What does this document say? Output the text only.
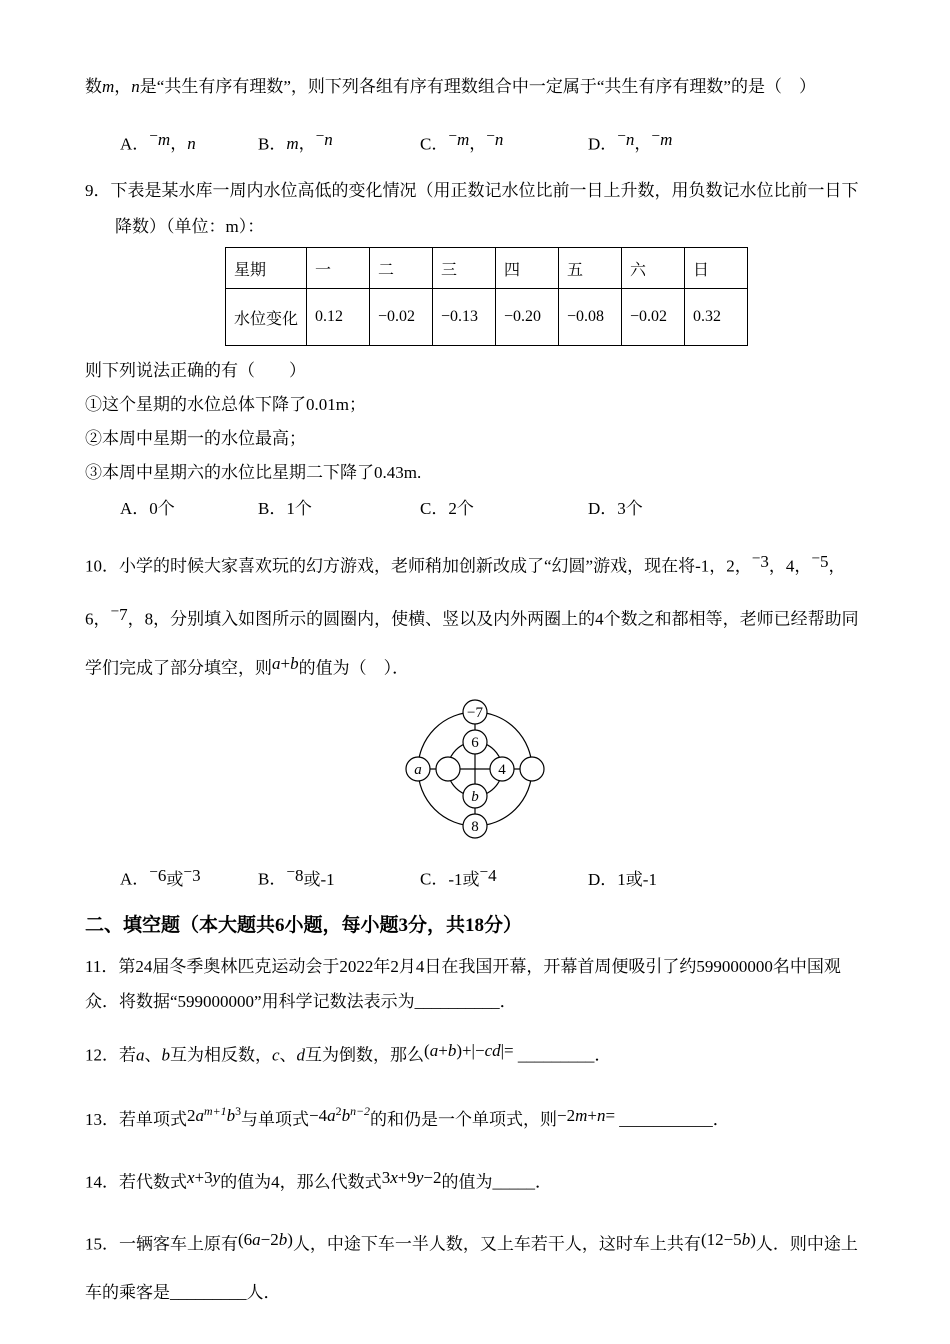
数m，n是“共生有序有理数”，则下列各组有序有理数组合中一定属于“共生有序有理数”的是（　）

A．−m，n	B．m，−n	C．−m，−n	D．−n，−m

9．下表是某水库一周内水位高低的变化情况（用正数记水位比前一日上升数，用负数记水位比前一日下降数）（单位：m）：

星期	一	二	三	四	五	六	日
水位变化	0.12	−0.02	−0.13	−0.20	−0.08	−0.02	0.32

则下列说法正确的有（　　）

①这个星期的水位总体下降了0.01m；

②本周中星期一的水位最高；

③本周中星期六的水位比星期二下降了0.43m.

A．0个	B．1个	C．2个	D．3个

10．小学的时候大家喜欢玩的幻方游戏，老师稍加创新改成了“幻圆”游戏，现在将-1，2，−3，4，−5，6，−7，8，分别填入如图所示的圆圈内，使横、竖以及内外两圈上的4个数之和都相等，老师已经帮助同学们完成了部分填空，则a+b的值为（　）．

−7
6
a	4
b
8

A．−6或−3	B．−8或-1	C．-1或−4	D．1或-1

二、填空题（本大题共6小题，每小题3分，共18分）

11．第24届冬季奥林匹克运动会于2022年2月4日在我国开幕，开幕首周便吸引了约599000000名中国观众．将数据“599000000”用科学记数法表示为__________．

12．若a、b互为相反数，c、d互为倒数，那么(a+b)+|−cd|= _________．

13．若单项式$2a^{m+1}b^3$与单项式$-4a^2b^{n-2}$的和仍是一个单项式，则−2m+n= ___________．

14．若代数式x+3y的值为4，那么代数式3x+9y−2的值为_____．

15．一辆客车上原有(6a−2b)人，中途下车一半人数，又上车若干人，这时车上共有(12−5b)人．则中途上车的乘客是_________人．
